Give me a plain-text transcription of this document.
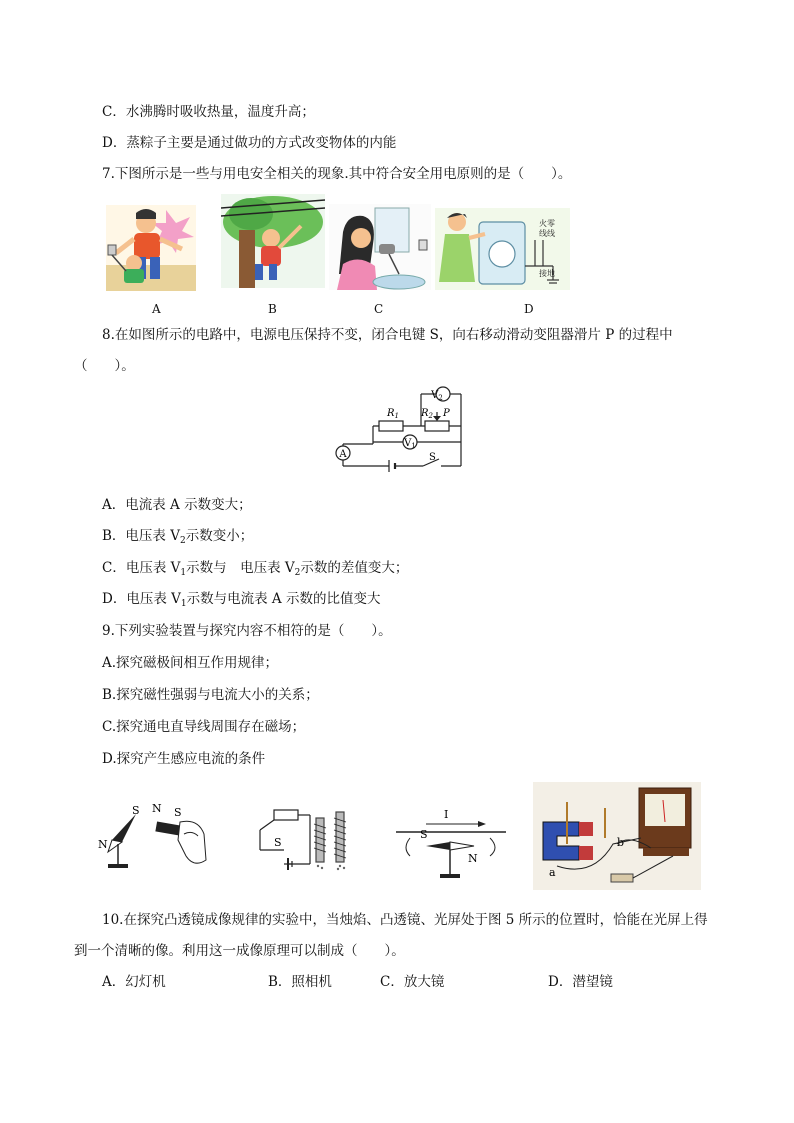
C．水沸腾时吸收热量，温度升高；
D．蒸粽子主要是通过做功的方式改变物体的内能
7.下图所示是一些与用电安全相关的现象.其中符合安全用电原则的是（　　）。
A	B	C
火零
线线
接地
D
8.在如图所示的电路中，电源电压保持不变，闭合电键 S，向右移动滑动变阻器滑片 P 的过程中
（　　）。
$V_2$
$V_1$
A
$R_1$ $R_2$ P
S
A．电流表 A 示数变大；
B．电压表 $V_2$示数变小；
C．电压表 $V_1$示数与　电压表 $V_2$示数的差值变大；
D．电压表 $V_1$示数与电流表 A 示数的比值变大
9.下列实验装置与探究内容不相符的是（　　）。
A.探究磁极间相互作用规律；
B.探究磁性强弱与电流大小的关系；
C.探究通电直导线周围存在磁场；
D.探究产生感应电流的条件
S
N
N S
S
I
S
N
a
b
10.在探究凸透镜成像规律的实验中，当烛焰、凸透镜、光屏处于图 5 所示的位置时，恰能在光屏上得
到一个清晰的像。利用这一成像原理可以制成（　　）。
A．幻灯机	B．照相机	C．放大镜	D．潜望镜
